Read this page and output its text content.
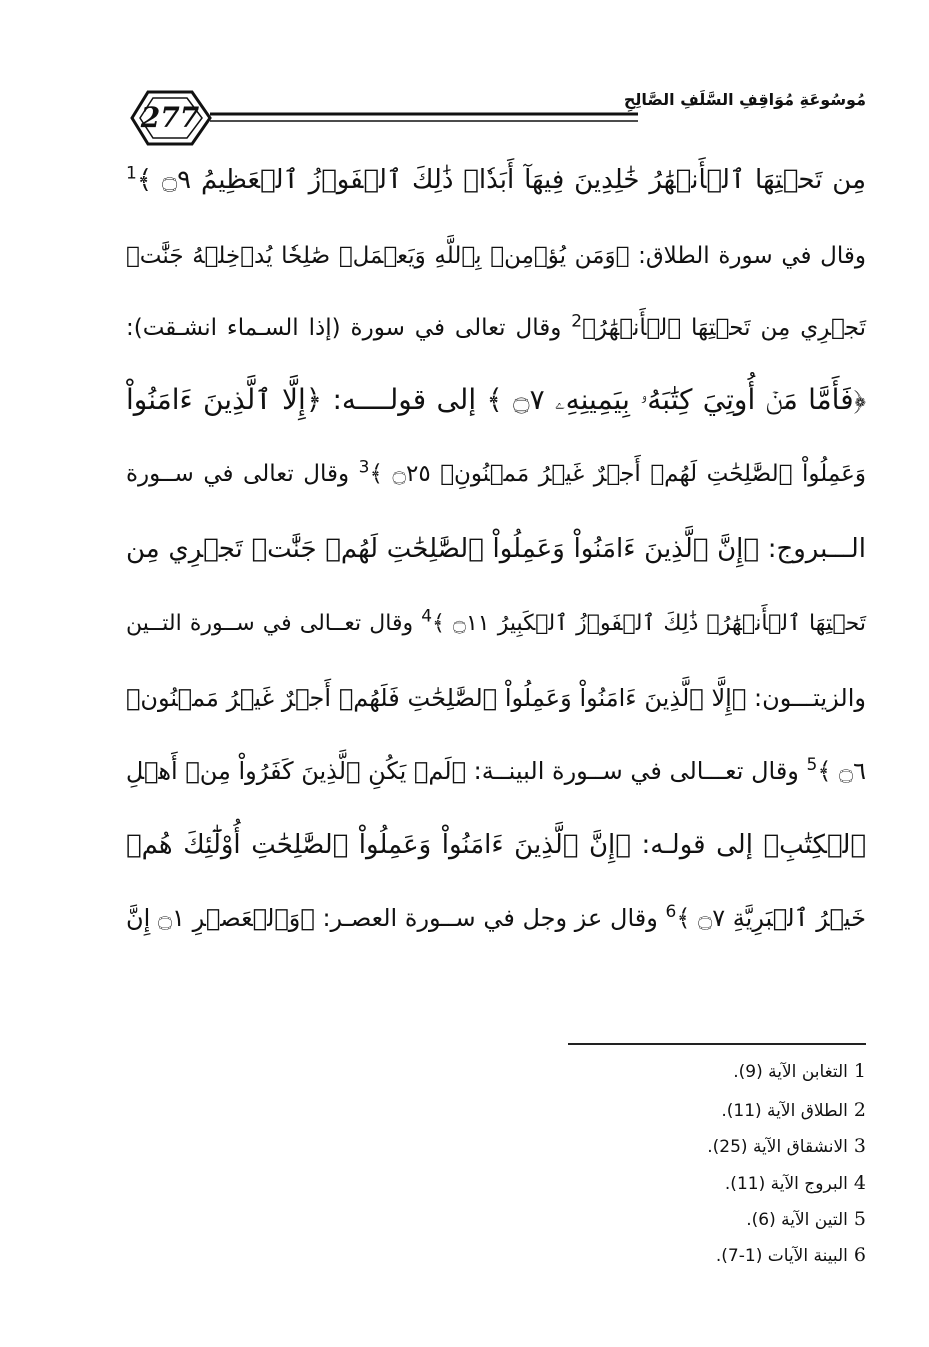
277
مُوسُوعَةِ مُوَاقِفِ السَّلَفِ الصَّالِحِ
مِن تَحۡتِهَا ٱلۡأَنۡهَٰرُ خَٰلِدِينَ فِيهَآ أَبَدٗاۚ ذَٰلِكَ ٱلۡفَوۡزُ ٱلۡعَظِيمُ ۝٩ ﴾$^1$
وقال في سورة الطلاق: ﴿وَمَن يُؤۡمِنۢ بِٱللَّهِ وَيَعۡمَلۡ صَٰلِحٗا يُدۡخِلۡهُ جَنَّٰتٖ
تَجۡرِي مِن تَحۡتِهَا ٱلۡأَنۡهَٰرُ﴾$^2$ وقال تعالى في سورة (إذا السـماء انشـقت):
﴿فَأَمَّا مَنۡ أُوتِيَ كِتَٰبَهُۥ بِيَمِينِهِۦ ۝٧ ﴾ إلى قولــــه: ﴿إِلَّا ٱلَّذِينَ ءَامَنُواْ
وَعَمِلُواْ ٱلصَّٰلِحَٰتِ لَهُمۡ أَجۡرٌ غَيۡرُ مَمۡنُونِۭ ۝٢٥ ﴾$^3$ وقال تعالى في ســورة
الـــبروج: ﴿إِنَّ ٱلَّذِينَ ءَامَنُواْ وَعَمِلُواْ ٱلصَّٰلِحَٰتِ لَهُمۡ جَنَّٰتٞ تَجۡرِي مِن
تَحۡتِهَا ٱلۡأَنۡهَٰرُۚ ذَٰلِكَ ٱلۡفَوۡزُ ٱلۡكَبِيرُ ۝١١ ﴾$^4$ وقال تعــالى في ســورة التــين
والزيتـــون: ﴿إِلَّا ٱلَّذِينَ ءَامَنُواْ وَعَمِلُواْ ٱلصَّٰلِحَٰتِ فَلَهُمۡ أَجۡرٌ غَيۡرُ مَمۡنُونٖ
۝٦ ﴾$^5$ وقال تعـــالى في ســورة البينــة: ﴿لَمۡ يَكُنِ ٱلَّذِينَ كَفَرُواْ مِنۡ أَهۡلِ
ٱلۡكِتَٰبِ﴾ إلى قولـه: ﴿إِنَّ ٱلَّذِينَ ءَامَنُواْ وَعَمِلُواْ ٱلصَّٰلِحَٰتِ أُوْلَٰٓئِكَ هُمۡ
خَيۡرُ ٱلۡبَرِيَّةِ ۝٧ ﴾$^6$ وقال عز وجل في ســورة العصـر: ﴿وَٱلۡعَصۡرِ ۝١ إِنَّ
1التغابن الآية (9).
2الطلاق الآية (11).
3الانشقاق الآية (25).
4البروج الآية (11).
5التين الآية (6).
6البينة الآيات (1-7).
